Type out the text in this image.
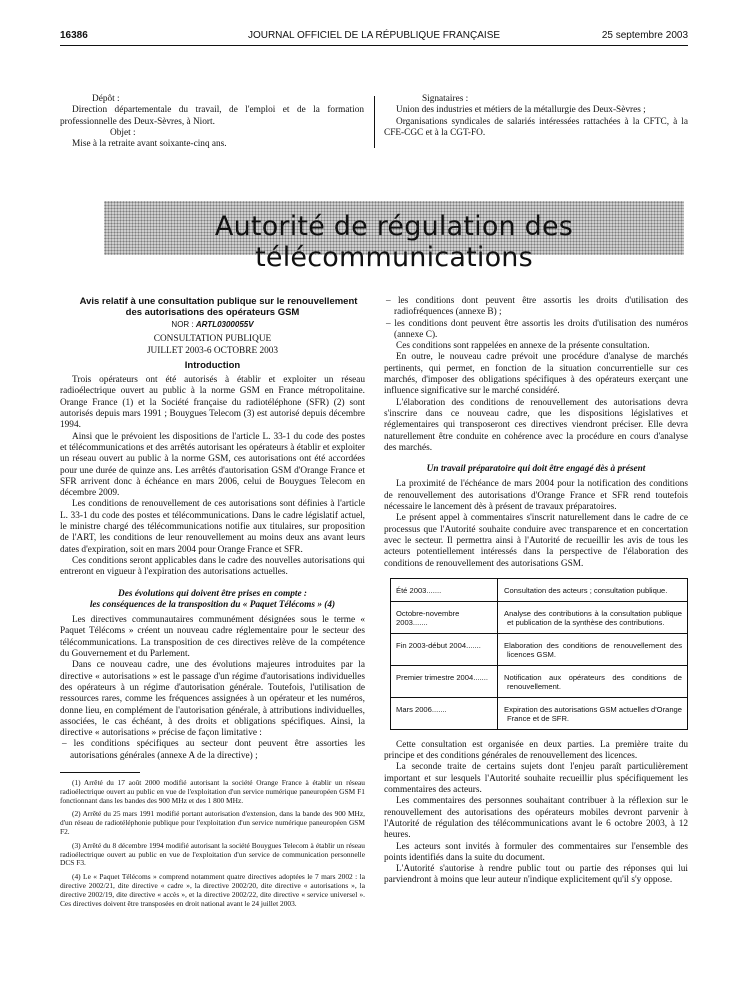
16386	JOURNAL OFFICIEL DE LA RÉPUBLIQUE FRANÇAISE	25 septembre 2003

Dépôt :

Direction départementale du travail, de l'emploi et de la formation professionnelle des Deux-Sèvres, à Niort.

Objet :

Mise à la retraite avant soixante-cinq ans.

Signataires :

Union des industries et métiers de la métallurgie des Deux-Sèvres ;

Organisations syndicales de salariés intéressées rattachées à la CFTC, à la CFE-CGC et à la CGT-FO.

Autorité de régulation des télécommunications

Avis relatif à une consultation publique sur le renouvellement des autorisations des opérateurs GSM

NOR : ARTL0300055V

CONSULTATION PUBLIQUE

JUILLET 2003-6 OCTOBRE 2003

Introduction

Trois opérateurs ont été autorisés à établir et exploiter un réseau radioélectrique ouvert au public à la norme GSM en France métropolitaine. Orange France (1) et la Société française du radiotéléphone (SFR) (2) sont autorisés depuis mars 1991 ; Bouygues Telecom (3) est autorisé depuis décembre 1994.

Ainsi que le prévoient les dispositions de l'article L. 33-1 du code des postes et télécommunications et des arrêtés autorisant les opérateurs à établir et exploiter un réseau ouvert au public à la norme GSM, ces autorisations ont été accordées pour une durée de quinze ans. Les arrêtés d'autorisation GSM d'Orange France et SFR arrivent donc à échéance en mars 2006, celui de Bouygues Telecom en décembre 2009.

Les conditions de renouvellement de ces autorisations sont définies à l'article L. 33-1 du code des postes et télécommunications. Dans le cadre législatif actuel, le ministre chargé des télécommunications notifie aux titulaires, sur proposition de l'ART, les conditions de leur renouvellement au moins deux ans avant leurs dates d'expiration, soit en mars 2004 pour Orange France et SFR.

Ces conditions seront applicables dans le cadre des nouvelles autorisations qui entreront en vigueur à l'expiration des autorisations actuelles.

Des évolutions qui doivent être prises en compte :
les conséquences de la transposition du « Paquet Télécoms » (4)

Les directives communautaires communément désignées sous le terme « Paquet Télécoms » créent un nouveau cadre réglementaire pour le secteur des télécommunications. La transposition de ces directives relève de la compétence du Gouvernement et du Parlement.

Dans ce nouveau cadre, une des évolutions majeures introduites par la directive « autorisations » est le passage d'un régime d'autorisations individuelles des opérateurs à un régime d'autorisation générale. Toutefois, l'utilisation de ressources rares, comme les fréquences assignées à un opérateur et les numéros, donne lieu, en complément de l'autorisation générale, à attributions individuelles, associées, le cas échéant, à des droits et obligations spécifiques. Ainsi, la directive « autorisations » précise de façon limitative :

– les conditions spécifiques au secteur dont peuvent être assorties les autorisations générales (annexe A de la directive) ;

(1) Arrêté du 17 août 2000 modifié autorisant la société Orange France à établir un réseau radioélectrique ouvert au public en vue de l'exploitation d'un service numérique paneuropéen GSM F1 fonctionnant dans les bandes des 900 MHz et des 1 800 MHz.

(2) Arrêté du 25 mars 1991 modifié portant autorisation d'extension, dans la bande des 900 MHz, d'un réseau de radiotéléphonie publique pour l'exploitation d'un service numérique paneuropéen GSM F2.

(3) Arrêté du 8 décembre 1994 modifié autorisant la société Bouygues Telecom à établir un réseau radioélectrique ouvert au public en vue de l'exploitation d'un service de communication personnelle DCS F3.

(4) Le « Paquet Télécoms » comprend notamment quatre directives adoptées le 7 mars 2002 : la directive 2002/21, dite directive « cadre », la directive 2002/20, dite directive « autorisations », la directive 2002/19, dite directive « accès », et la directive 2002/22, dite directive « service universel ». Ces directives doivent être transposées en droit national avant le 24 juillet 2003.

– les conditions dont peuvent être assortis les droits d'utilisation des radiofréquences (annexe B) ;

– les conditions dont peuvent être assortis les droits d'utilisation des numéros (annexe C).

Ces conditions sont rappelées en annexe de la présente consultation.

En outre, le nouveau cadre prévoit une procédure d'analyse de marchés pertinents, qui permet, en fonction de la situation concurrentielle sur ces marchés, d'imposer des obligations spécifiques à des opérateurs exerçant une influence significative sur le marché considéré.

L'élaboration des conditions de renouvellement des autorisations devra s'inscrire dans ce nouveau cadre, que les dispositions législatives et réglementaires qui transposeront ces directives viendront préciser. Elle devra naturellement être conduite en cohérence avec la procédure en cours d'analyse des marchés.

Un travail préparatoire qui doit être engagé dès à présent

La proximité de l'échéance de mars 2004 pour la notification des conditions de renouvellement des autorisations d'Orange France et SFR rend toutefois nécessaire le lancement dès à présent de travaux préparatoires.

Le présent appel à commentaires s'inscrit naturellement dans le cadre de ce processus que l'Autorité souhaite conduire avec transparence et en concertation avec le secteur. Il permettra ainsi à l'Autorité de recueillir les avis de tous les acteurs potentiellement intéressés dans la perspective de l'élaboration des conditions de renouvellement des autorisations GSM.

Été 2003.......	Consultation des acteurs ; consultation publique.
Octobre-novembre 2003.......	Analyse des contributions à la consultation publique et publication de la synthèse des contributions.
Fin 2003-début 2004.......	Elaboration des conditions de renouvellement des licences GSM.
Premier trimestre 2004.......	Notification aux opérateurs des conditions de renouvellement.
Mars 2006.......	Expiration des autorisations GSM actuelles d'Orange France et de SFR.

Cette consultation est organisée en deux parties. La première traite du principe et des conditions générales de renouvellement des licences.

La seconde traite de certains sujets dont l'enjeu paraît particulièrement important et sur lesquels l'Autorité souhaite recueillir plus spécifiquement les commentaires des acteurs.

Les commentaires des personnes souhaitant contribuer à la réflexion sur le renouvellement des autorisations des opérateurs mobiles devront parvenir à l'Autorité de régulation des télécommunications avant le 6 octobre 2003, à 12 heures.

Les acteurs sont invités à formuler des commentaires sur l'ensemble des points identifiés dans la suite du document.

L'Autorité s'autorise à rendre public tout ou partie des réponses qui lui parviendront à moins que leur auteur n'indique explicitement qu'il s'y oppose.
